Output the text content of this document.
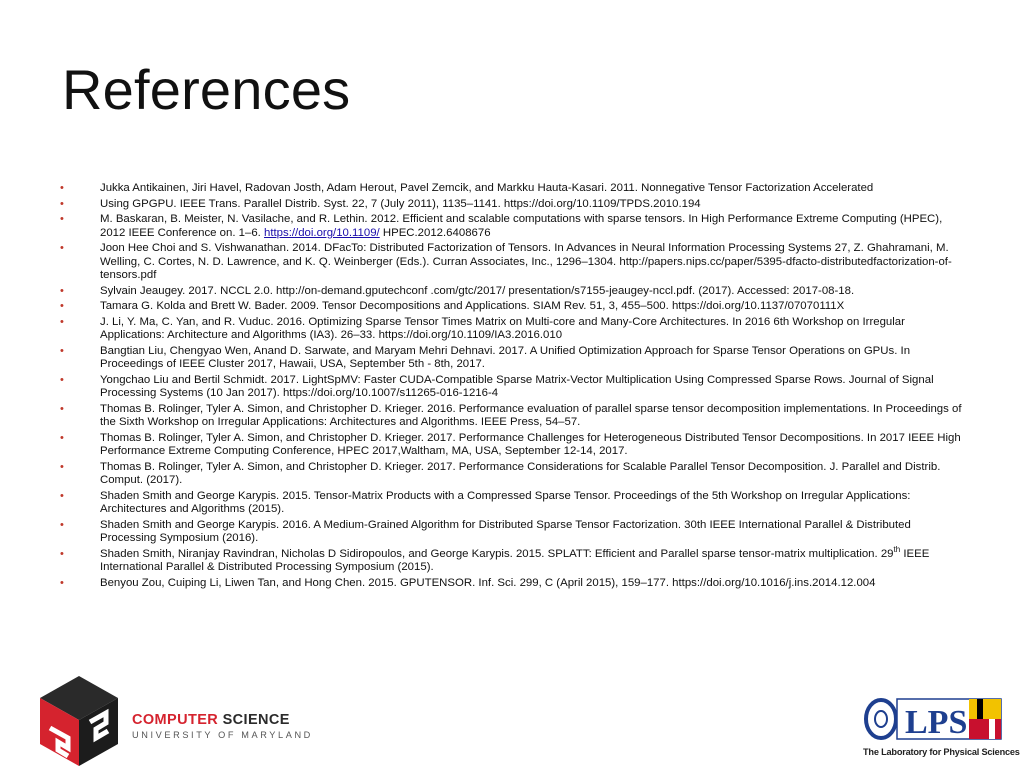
References
•	Jukka Antikainen, Jiri Havel, Radovan Josth, Adam Herout, Pavel Zemcik, and Markku Hauta-Kasari. 2011. Nonnegative Tensor Factorization Accelerated
•	Using GPGPU. IEEE Trans. Parallel Distrib. Syst. 22, 7 (July 2011), 1135–1141. https://doi.org/10.1109/TPDS.2010.194
•	M. Baskaran, B. Meister, N. Vasilache, and R. Lethin. 2012. Efficient and scalable computations with sparse tensors. In High Performance Extreme Computing (HPEC), 2012 IEEE Conference on. 1–6. https://doi.org/10.1109/ HPEC.2012.6408676
•	Joon Hee Choi and S. Vishwanathan. 2014. DFacTo: Distributed Factorization of Tensors. In Advances in Neural Information Processing Systems 27, Z. Ghahramani, M. Welling, C. Cortes, N. D. Lawrence, and K. Q. Weinberger (Eds.). Curran Associates, Inc., 1296–1304. http://papers.nips.cc/paper/5395-dfacto-distributedfactorization-of-tensors.pdf
•	Sylvain Jeaugey. 2017. NCCL 2.0. http://on-demand.gputechconf .com/gtc/2017/ presentation/s7155-jeaugey-nccl.pdf. (2017). Accessed: 2017-08-18.
•	Tamara G. Kolda and Brett W. Bader. 2009. Tensor Decompositions and Applications. SIAM Rev. 51, 3, 455–500. https://doi.org/10.1137/07070111X
•	J. Li, Y. Ma, C. Yan, and R. Vuduc. 2016. Optimizing Sparse Tensor Times Matrix on Multi-core and Many-Core Architectures. In 2016 6th Workshop on Irregular Applications: Architecture and Algorithms (IA3). 26–33. https://doi.org/10.1109/IA3.2016.010
•	Bangtian Liu, Chengyao Wen, Anand D. Sarwate, and Maryam Mehri Dehnavi. 2017. A Unified Optimization Approach for Sparse Tensor Operations on GPUs. In Proceedings of IEEE Cluster 2017, Hawaii, USA, September 5th - 8th, 2017.
•	Yongchao Liu and Bertil Schmidt. 2017. LightSpMV: Faster CUDA-Compatible Sparse Matrix-Vector Multiplication Using Compressed Sparse Rows. Journal of Signal Processing Systems (10 Jan 2017). https://doi.org/10.1007/s11265-016-1216-4
•	Thomas B. Rolinger, Tyler A. Simon, and Christopher D. Krieger. 2016. Performance evaluation of parallel sparse tensor decomposition implementations. In Proceedings of the Sixth Workshop on Irregular Applications: Architectures and Algorithms. IEEE Press, 54–57.
•	Thomas B. Rolinger, Tyler A. Simon, and Christopher D. Krieger. 2017. Performance Challenges for Heterogeneous Distributed Tensor Decompositions. In 2017 IEEE High Performance Extreme Computing Conference, HPEC 2017,Waltham, MA, USA, September 12-14, 2017.
•	Thomas B. Rolinger, Tyler A. Simon, and Christopher D. Krieger. 2017. Performance Considerations for Scalable Parallel Tensor Decomposition. J. Parallel and Distrib. Comput. (2017).
•	Shaden Smith and George Karypis. 2015. Tensor-Matrix Products with a Compressed Sparse Tensor. Proceedings of the 5th Workshop on Irregular Applications: Architectures and Algorithms (2015).
•	Shaden Smith and George Karypis. 2016. A Medium-Grained Algorithm for Distributed Sparse Tensor Factorization. 30th IEEE International Parallel & Distributed Processing Symposium (2016).
•	Shaden Smith, Niranjay Ravindran, Nicholas D Sidiropoulos, and George Karypis. 2015. SPLATT: Efficient and Parallel sparse tensor-matrix multiplication. 29th IEEE International Parallel & Distributed Processing Symposium (2015).
•	Benyou Zou, Cuiping Li, Liwen Tan, and Hong Chen. 2015. GPUTENSOR. Inf. Sci. 299, C (April 2015), 159–177. https://doi.org/10.1016/j.ins.2014.12.004
COMPUTER SCIENCE
UNIVERSITY OF MARYLAND	LPS
The Laboratory for Physical Sciences
